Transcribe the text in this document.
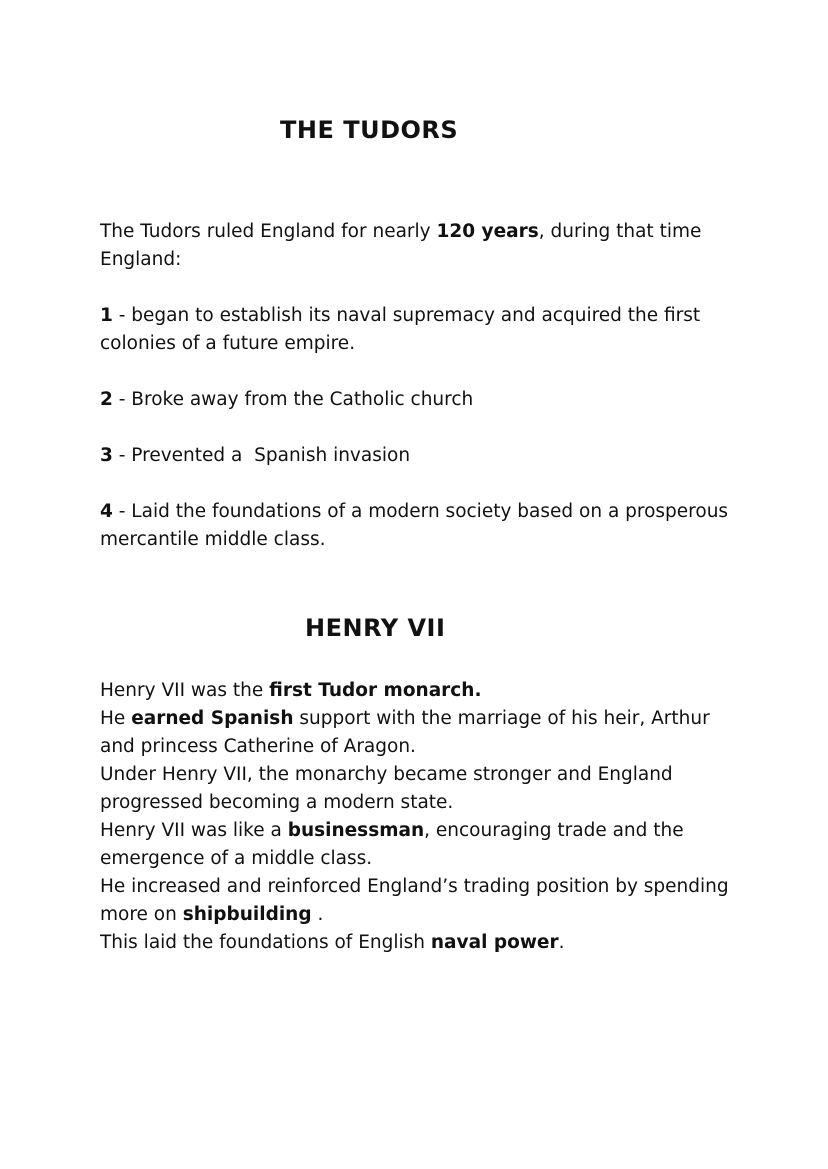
THE TUDORS

The Tudors ruled England for nearly 120 years, during that time England:

1 - began to establish its naval supremacy and acquired the first colonies of a future empire.

2 - Broke away from the Catholic church

3 - Prevented a  Spanish invasion

4 - Laid the foundations of a modern society based on a prosperous mercantile middle class.

HENRY VII
Henry VII was the first Tudor monarch.
He earned Spanish support with the marriage of his heir, Arthur and princess Catherine of Aragon.
Under Henry VII, the monarchy became stronger and England progressed becoming a modern state.
Henry VII was like a businessman, encouraging trade and the emergence of a middle class.
He increased and reinforced England’s trading position by spending more on shipbuilding .
This laid the foundations of English naval power.
